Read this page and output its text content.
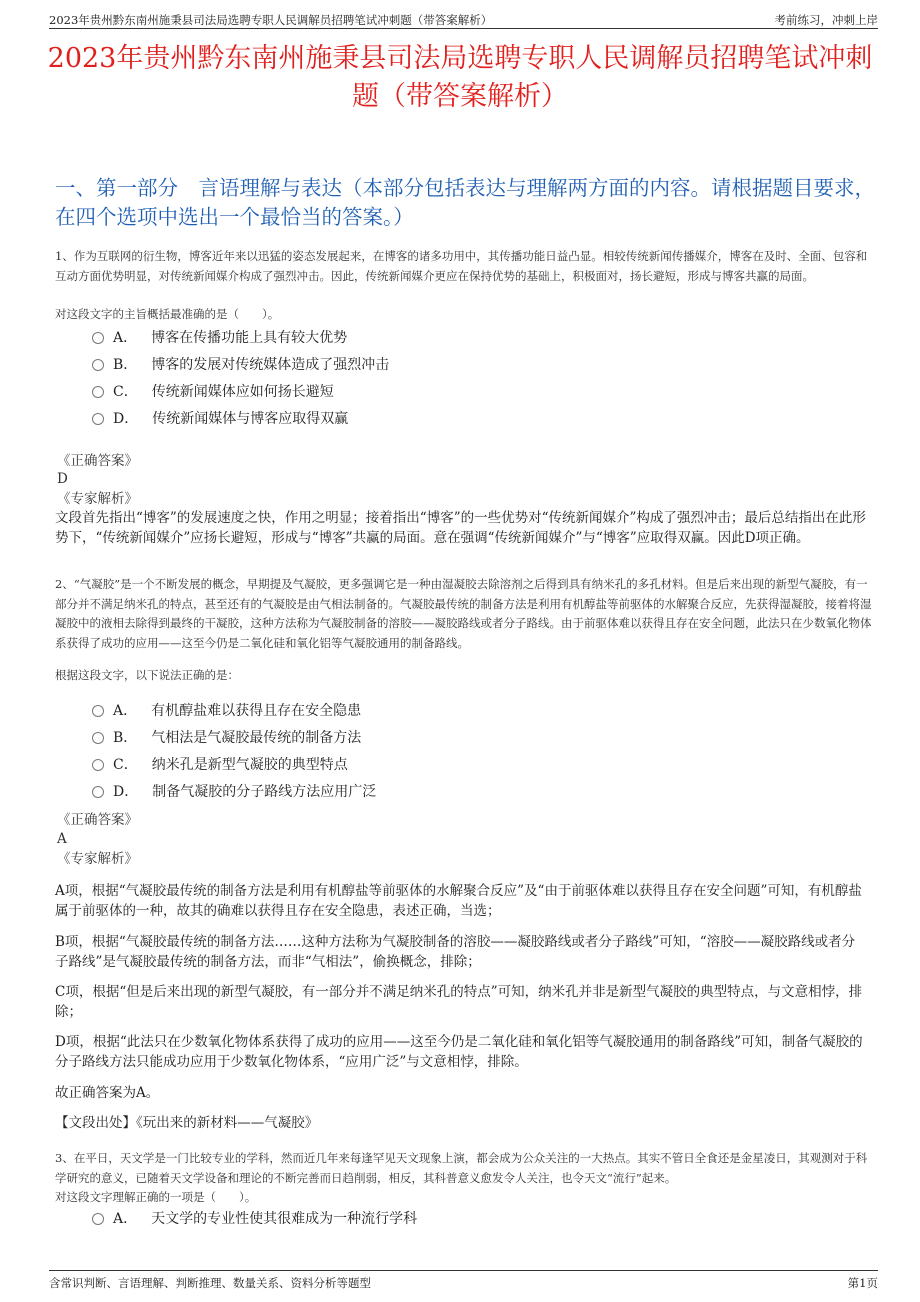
2023年贵州黔东南州施秉县司法局选聘专职人民调解员招聘笔试冲刺题（带答案解析）	考前练习，冲刺上岸
2023年贵州黔东南州施秉县司法局选聘专职人民调解员招聘笔试冲刺题（带答案解析）
一、第一部分　言语理解与表达（本部分包括表达与理解两方面的内容。请根据题目要求，在四个选项中选出一个最恰当的答案。）
1、作为互联网的衍生物，博客近年来以迅猛的姿态发展起来，在博客的诸多功用中，其传播功能日益凸显。相较传统新闻传播媒介，博客在及时、全面、包容和互动方面优势明显，对传统新闻媒介构成了强烈冲击。因此，传统新闻媒介更应在保持优势的基础上，积极面对，扬长避短，形成与博客共赢的局面。
对这段文字的主旨概括最准确的是（　　）。
A． 博客在传播功能上具有较大优势
B． 博客的发展对传统媒体造成了强烈冲击
C． 传统新闻媒体应如何扬长避短
D． 传统新闻媒体与博客应取得双赢
《正确答案》
D
《专家解析》
文段首先指出“博客”的发展速度之快，作用之明显；接着指出“博客”的一些优势对“传统新闻媒介”构成了强烈冲击；最后总结指出在此形势下，“传统新闻媒介”应扬长避短，形成与“博客”共赢的局面。意在强调“传统新闻媒介”与“博客”应取得双赢。因此D项正确。
2、“气凝胶”是一个不断发展的概念，早期提及气凝胶，更多强调它是一种由湿凝胶去除溶剂之后得到具有纳米孔的多孔材料。但是后来出现的新型气凝胶，有一部分并不满足纳米孔的特点，甚至还有的气凝胶是由气相法制备的。气凝胶最传统的制备方法是利用有机醇盐等前驱体的水解聚合反应，先获得湿凝胶，接着将湿凝胶中的液相去除得到最终的干凝胶，这种方法称为气凝胶制备的溶胶——凝胶路线或者分子路线。由于前驱体难以获得且存在安全问题，此法只在少数氧化物体系获得了成功的应用——这至今仍是二氧化硅和氧化铝等气凝胶通用的制备路线。
根据这段文字，以下说法正确的是：
A． 有机醇盐难以获得且存在安全隐患
B． 气相法是气凝胶最传统的制备方法
C． 纳米孔是新型气凝胶的典型特点
D． 制备气凝胶的分子路线方法应用广泛
《正确答案》
A
《专家解析》
A项，根据“气凝胶最传统的制备方法是利用有机醇盐等前驱体的水解聚合反应”及“由于前驱体难以获得且存在安全问题”可知，有机醇盐属于前驱体的一种，故其的确难以获得且存在安全隐患，表述正确，当选；
B项，根据“气凝胶最传统的制备方法……这种方法称为气凝胶制备的溶胶——凝胶路线或者分子路线”可知，“溶胶——凝胶路线或者分子路线”是气凝胶最传统的制备方法，而非“气相法”，偷换概念，排除；
C项，根据“但是后来出现的新型气凝胶，有一部分并不满足纳米孔的特点”可知，纳米孔并非是新型气凝胶的典型特点，与文意相悖，排除；
D项，根据“此法只在少数氧化物体系获得了成功的应用——这至今仍是二氧化硅和氧化铝等气凝胶通用的制备路线”可知，制备气凝胶的分子路线方法只能成功应用于少数氧化物体系，“应用广泛”与文意相悖，排除。
故正确答案为A。
【文段出处】《玩出来的新材料——气凝胶》
3、在平日，天文学是一门比较专业的学科，然而近几年来每逢罕见天文现象上演，都会成为公众关注的一大热点。其实不管日全食还是金星凌日，其观测对于科学研究的意义，已随着天文学设备和理论的不断完善而日趋削弱，相反，其科普意义愈发令人关注，也令天文“流行”起来。
对这段文字理解正确的一项是（　　）。
A． 天文学的专业性使其很难成为一种流行学科
含常识判断、言语理解、判断推理、数量关系、资料分析等题型	第1页
